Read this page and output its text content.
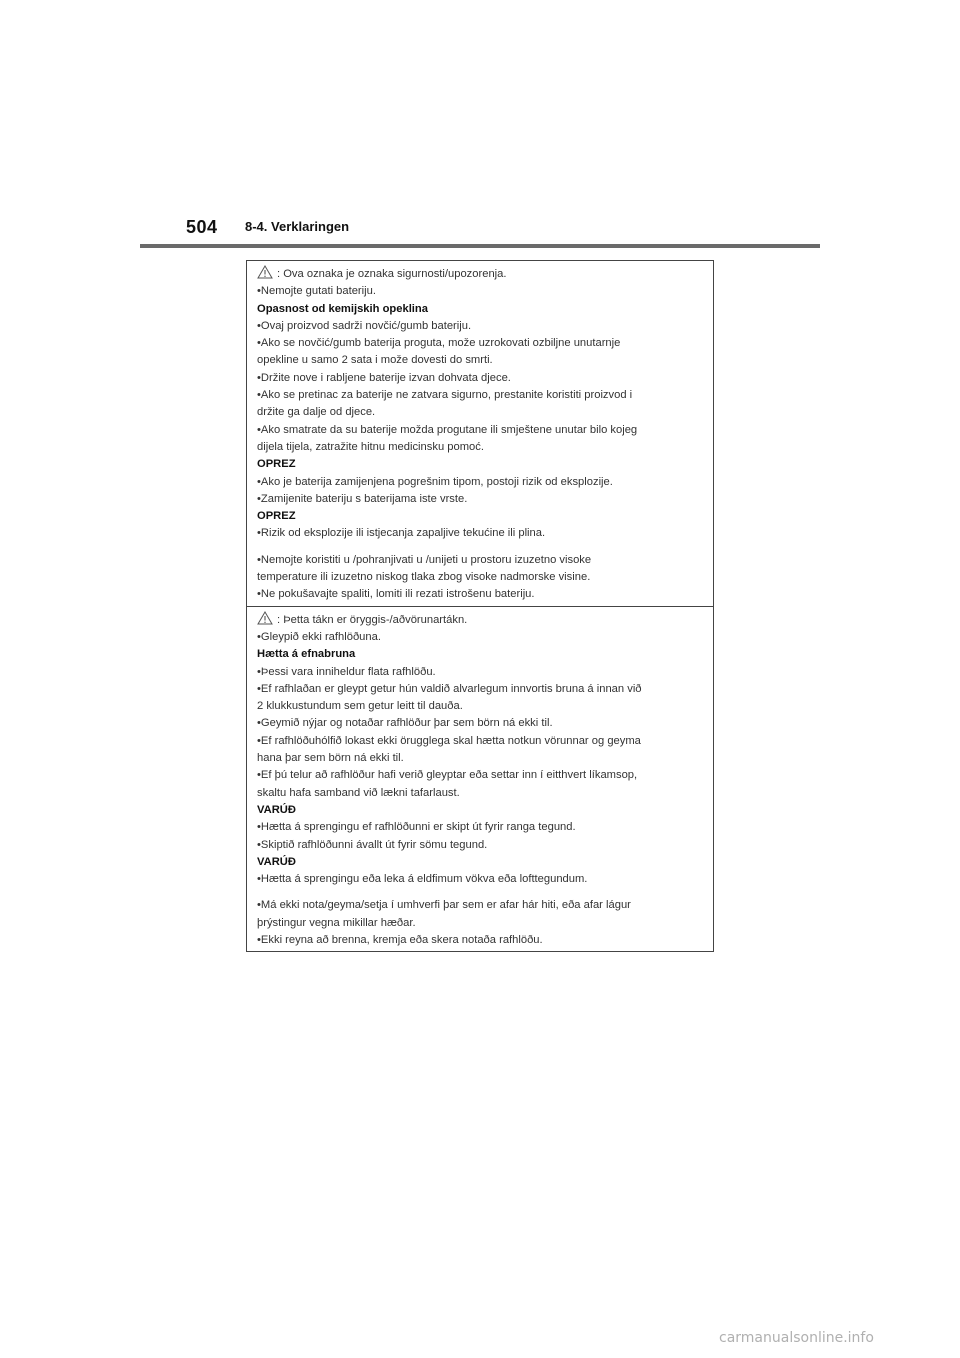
504 8-4. Verklaringen
: Ova oznaka je oznaka sigurnosti/upozorenja.
•Nemojte gutati bateriju.
Opasnost od kemijskih opeklina
•Ovaj proizvod sadrži novčić/gumb bateriju.
•Ako se novčić/gumb baterija proguta, može uzrokovati ozbiljne unutarnje
opekline u samo 2 sata i može dovesti do smrti.
•Držite nove i rabljene baterije izvan dohvata djece.
•Ako se pretinac za baterije ne zatvara sigurno, prestanite koristiti proizvod i
držite ga dalje od djece.
•Ako smatrate da su baterije možda progutane ili smještene unutar bilo kojeg
dijela tijela, zatražite hitnu medicinsku pomoć.
OPREZ
•Ako je baterija zamijenjena pogrešnim tipom, postoji rizik od eksplozije.
•Zamijenite bateriju s baterijama iste vrste.
OPREZ
•Rizik od eksplozije ili istjecanja zapaljive tekućine ili plina.
•Nemojte koristiti u /pohranjivati u /unijeti u prostoru izuzetno visoke
temperature ili izuzetno niskog tlaka zbog visoke nadmorske visine.
•Ne pokušavajte spaliti, lomiti ili rezati istrošenu bateriju.
: Þetta tákn er öryggis-/aðvörunartákn.
•Gleypið ekki rafhlöðuna.
Hætta á efnabruna
•Þessi vara inniheldur flata rafhlöðu.
•Ef rafhlaðan er gleypt getur hún valdið alvarlegum innvortis bruna á innan við
2 klukkustundum sem getur leitt til dauða.
•Geymið nýjar og notaðar rafhlöður þar sem börn ná ekki til.
•Ef rafhlöðuhólfið lokast ekki örugglega skal hætta notkun vörunnar og geyma
hana þar sem börn ná ekki til.
•Ef þú telur að rafhlöður hafi verið gleyptar eða settar inn í eitthvert líkamsop,
skaltu hafa samband við lækni tafarlaust.
VARÚÐ
•Hætta á sprengingu ef rafhlöðunni er skipt út fyrir ranga tegund.
•Skiptið rafhlöðunni ávallt út fyrir sömu tegund.
VARÚÐ
•Hætta á sprengingu eða leka á eldfimum vökva eða lofttegundum.
•Má ekki nota/geyma/setja í umhverfi þar sem er afar hár hiti, eða afar lágur
þrýstingur vegna mikillar hæðar.
•Ekki reyna að brenna, kremja eða skera notaða rafhlöðu.
carmanualsonline.info
